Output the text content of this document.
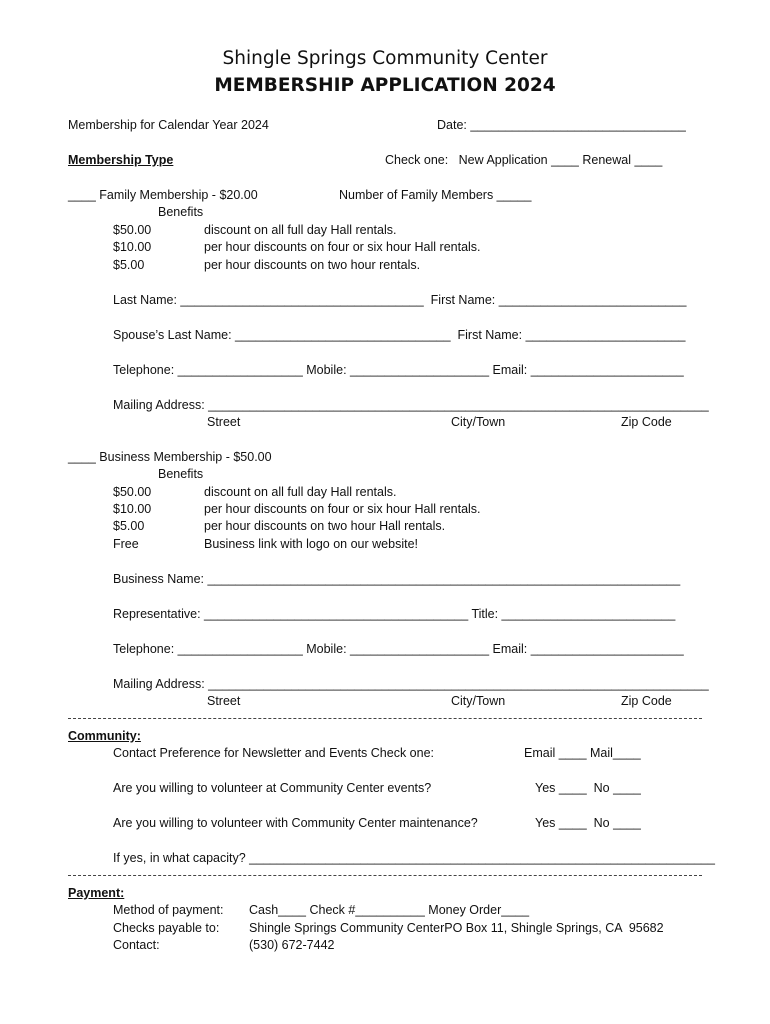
Shingle Springs Community Center
MEMBERSHIP APPLICATION 2024
Membership for Calendar Year 2024	Date: _______________________________
Membership Type	Check one:   New Application ____ Renewal ____
____ Family Membership - $20.00	Number of Family Members _____
Benefits
$50.00	discount on all full day Hall rentals.
$10.00	per hour discounts on four or six hour Hall rentals.
$5.00	per hour discounts on two hour rentals.
Last Name: ___________________________________  First Name: ___________________________
Spouse’s Last Name: _______________________________  First Name: _______________________
Telephone: __________________ Mobile: ____________________ Email: ______________________
Mailing Address: ________________________________________________________________________
Street	City/Town	Zip Code
____ Business Membership - $50.00
Benefits
$50.00	discount on all full day Hall rentals.
$10.00	per hour discounts on four or six hour Hall rentals.
$5.00	per hour discounts on two hour Hall rentals.
Free	Business link with logo on our website!
Business Name: ____________________________________________________________________
Representative: ______________________________________ Title: _________________________
Telephone: __________________ Mobile: ____________________ Email: ______________________
Mailing Address: ________________________________________________________________________
Street	City/Town	Zip Code
Community:
Contact Preference for Newsletter and Events Check one:	Email ____ Mail____
Are you willing to volunteer at Community Center events?	Yes ____  No ____
Are you willing to volunteer with Community Center maintenance?	Yes ____  No ____
If yes, in what capacity? ___________________________________________________________________
Payment:
Method of payment: Cash____ Check #__________ Money Order____
Checks payable to: Shingle Springs Community CenterPO Box 11, Shingle Springs, CA  95682
Contact:	(530) 672-7442
